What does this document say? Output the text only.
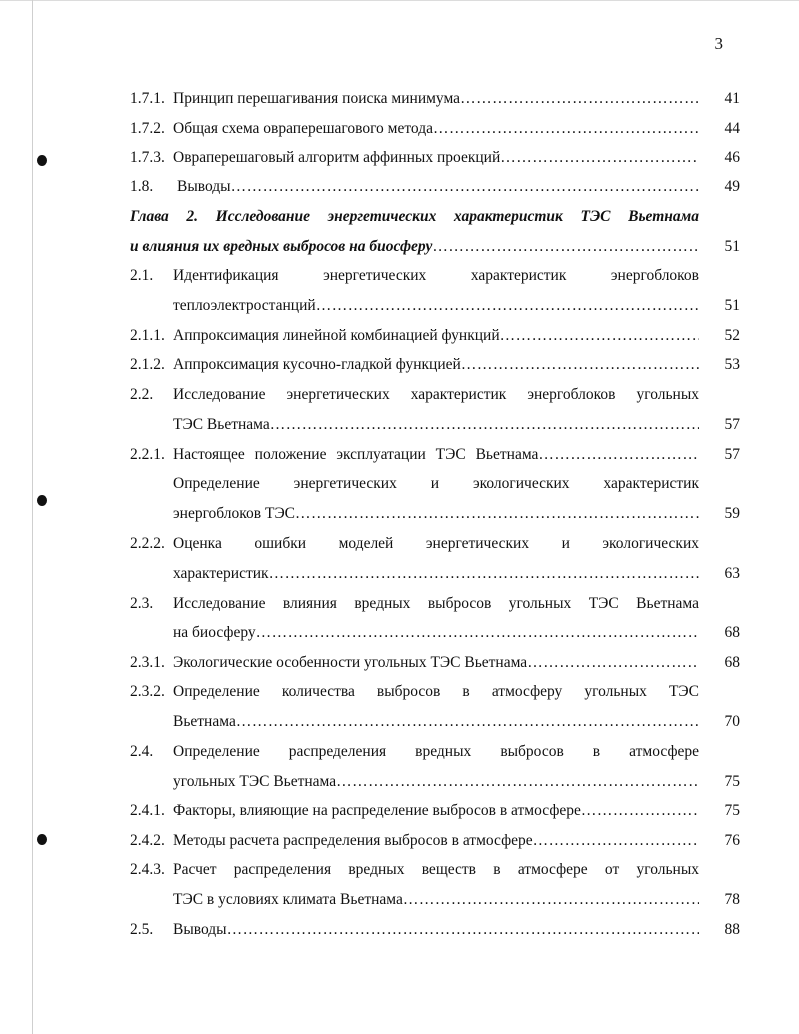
3
1.7.1. Принцип перешагивания поиска минимума ………………………………………………………………………………………………………………………………………………………………………	41
1.7.2. Общая схема овраперешагового метода ………………………………………………………………………………………………………………………………………………………………………	44
1.7.3. Овраперешаговый алгоритм аффинных проекций ………………………………………………………………………………………………………………………………………………………………………	46
1.8. Выводы ………………………………………………………………………………………………………………………………………………………………………	49
Глава 2. Исследование энергетических характеристик ТЭС Вьетнама
и влияния их вредных выбросов на биосферу ………………………………………………………………………………………………………………………………………………………………………	51
2.1. Идентификация энергетических характеристик энергоблоков
теплоэлектростанций ………………………………………………………………………………………………………………………………………………………………………	51
2.1.1. Аппроксимация линейной комбинацией функций ………………………………………………………………………………………………………………………………………………………………………	52
2.1.2. Аппроксимация кусочно-гладкой функцией ………………………………………………………………………………………………………………………………………………………………………	53
2.2. Исследование энергетических характеристик энергоблоков угольных
ТЭС Вьетнама ………………………………………………………………………………………………………………………………………………………………………	57
2.2.1. Настоящее положение эксплуатации ТЭС Вьетнама ………………………………………………………………………………………………………………………………………………………………………	57
Определение энергетических и экологических характеристик
энергоблоков ТЭС ………………………………………………………………………………………………………………………………………………………………………	59
2.2.2. Оценка ошибки моделей энергетических и экологических
характеристик ………………………………………………………………………………………………………………………………………………………………………	63
2.3. Исследование влияния вредных выбросов угольных ТЭС Вьетнама
на биосферу ………………………………………………………………………………………………………………………………………………………………………	68
2.3.1. Экологические особенности угольных ТЭС Вьетнама ………………………………………………………………………………………………………………………………………………………………………	68
2.3.2. Определение количества выбросов в атмосферу угольных ТЭС
Вьетнама ………………………………………………………………………………………………………………………………………………………………………	70
2.4. Определение распределения вредных выбросов в атмосфере
угольных ТЭС Вьетнама ………………………………………………………………………………………………………………………………………………………………………	75
2.4.1. Факторы, влияющие на распределение выбросов в атмосфере ………………………………………………………………………………………………………………………………………………………………………	75
2.4.2. Методы расчета распределения выбросов в атмосфере ………………………………………………………………………………………………………………………………………………………………………	76
2.4.3. Расчет распределения вредных веществ в атмосфере от угольных
ТЭС в условиях климата Вьетнама ………………………………………………………………………………………………………………………………………………………………………	78
2.5. Выводы ………………………………………………………………………………………………………………………………………………………………………	88
